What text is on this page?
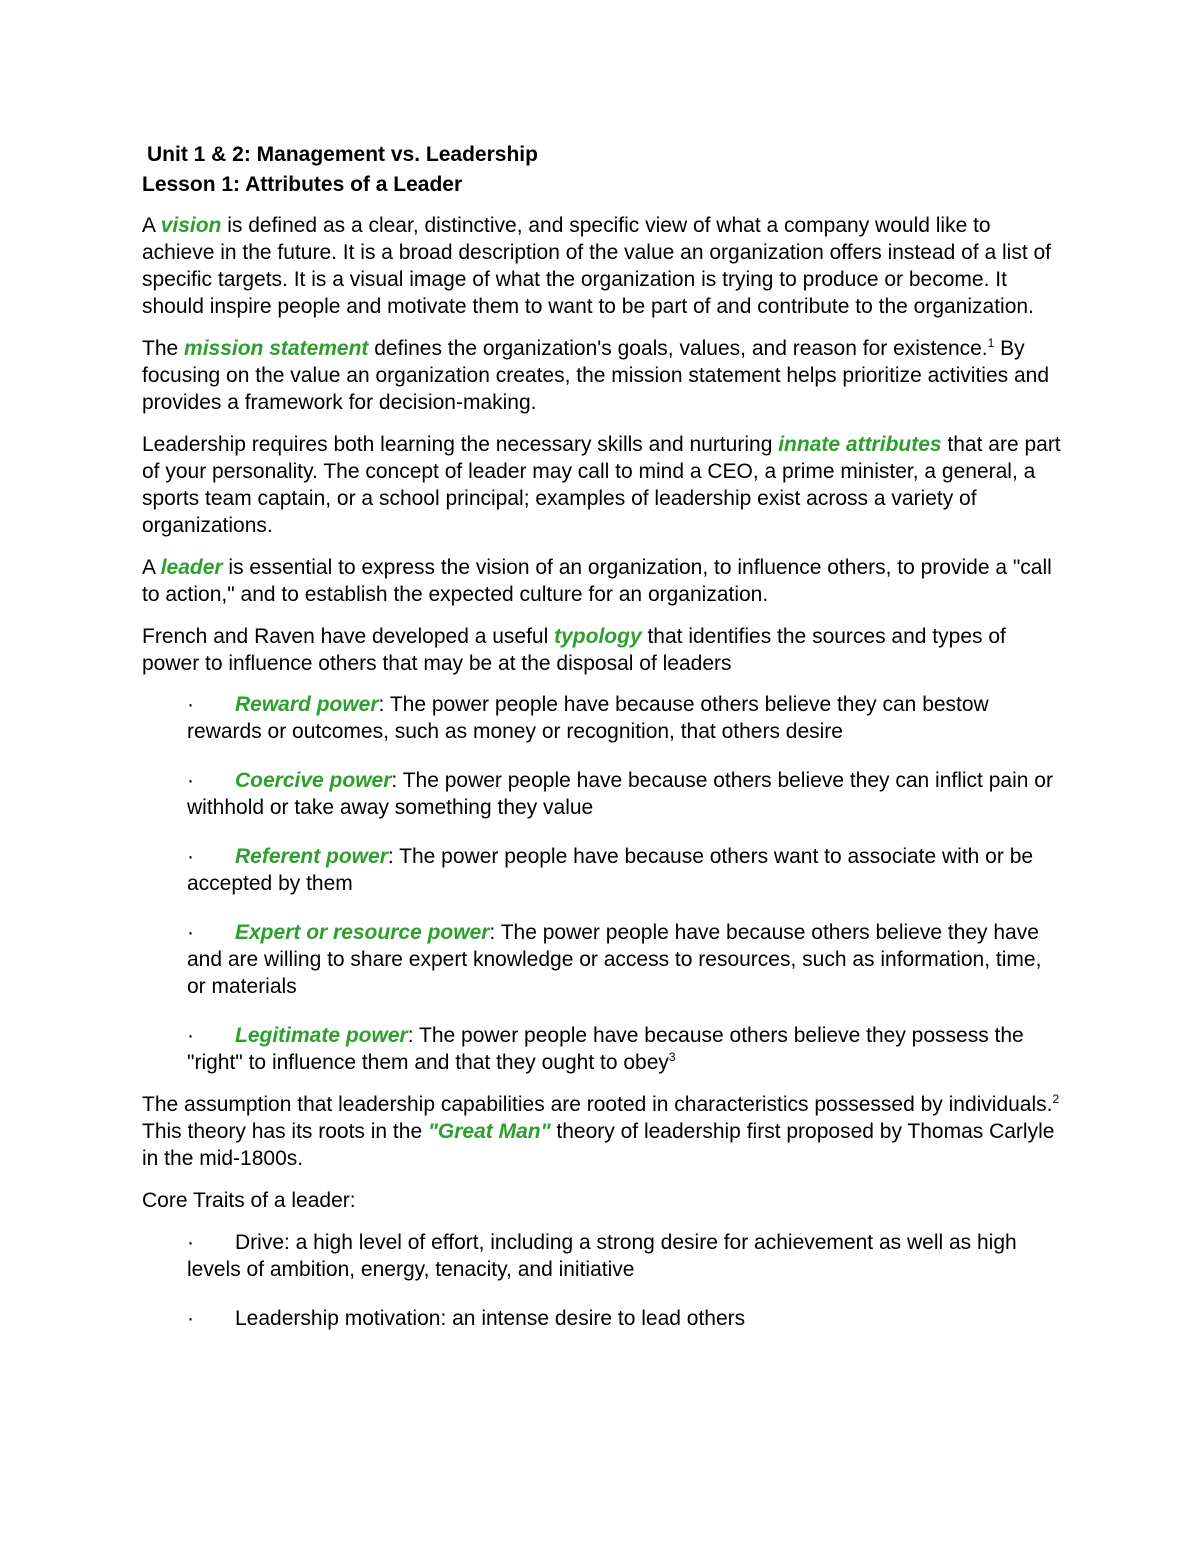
Unit 1 & 2: Management vs. Leadership
Lesson 1: Attributes of a Leader

A vision is defined as a clear, distinctive, and specific view of what a company would like to achieve in the future. It is a broad description of the value an organization offers instead of a list of specific targets. It is a visual image of what the organization is trying to produce or become. It should inspire people and motivate them to want to be part of and contribute to the organization.

The mission statement defines the organization's goals, values, and reason for existence.$^1$ By focusing on the value an organization creates, the mission statement helps prioritize activities and provides a framework for decision-making.

Leadership requires both learning the necessary skills and nurturing innate attributes that are part of your personality. The concept of leader may call to mind a CEO, a prime minister, a general, a sports team captain, or a school principal; examples of leadership exist across a variety of organizations.

A leader is essential to express the vision of an organization, to influence others, to provide a "call to action," and to establish the expected culture for an organization.

French and Raven have developed a useful typology that identifies the sources and types of power to influence others that may be at the disposal of leaders

· Reward power: The power people have because others believe they can bestow rewards or outcomes, such as money or recognition, that others desire
· Coercive power: The power people have because others believe they can inflict pain or withhold or take away something they value
· Referent power: The power people have because others want to associate with or be accepted by them
· Expert or resource power: The power people have because others believe they have and are willing to share expert knowledge or access to resources, such as information, time, or materials
· Legitimate power: The power people have because others believe they possess the "right" to influence them and that they ought to obey$^3$

The assumption that leadership capabilities are rooted in characteristics possessed by individuals.$^2$ This theory has its roots in the "Great Man" theory of leadership first proposed by Thomas Carlyle in the mid-1800s.

Core Traits of a leader:

· Drive: a high level of effort, including a strong desire for achievement as well as high levels of ambition, energy, tenacity, and initiative
· Leadership motivation: an intense desire to lead others
